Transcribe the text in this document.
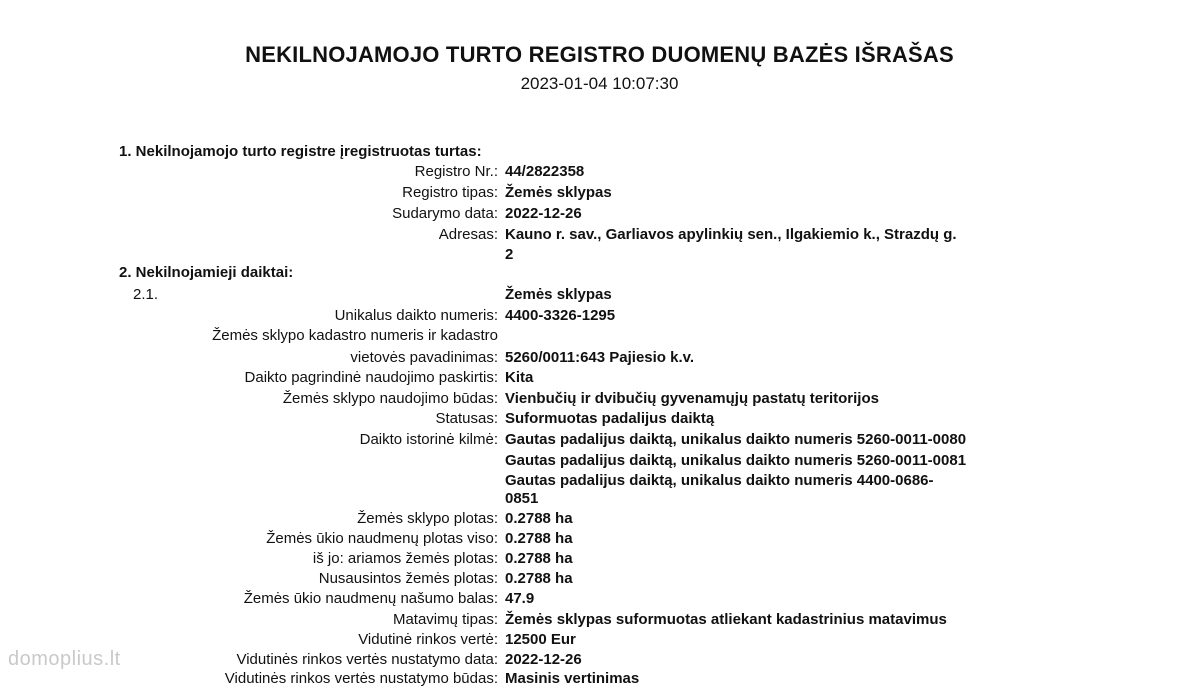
NEKILNOJAMOJO TURTO REGISTRO DUOMENŲ BAZĖS IŠRAŠAS
2023-01-04 10:07:30
1. Nekilnojamojo turto registre įregistruotas turtas:
Registro Nr.: 44/2822358
Registro tipas: Žemės sklypas
Sudarymo data: 2022-12-26
Adresas: Kauno r. sav., Garliavos apylinkių sen., Ilgakiemio k., Strazdų g.
2
2. Nekilnojamieji daiktai:
2.1.	Žemės sklypas
Unikalus daikto numeris: 4400-3326-1295
Žemės sklypo kadastro numeris ir kadastro
vietovės pavadinimas: 5260/0011:643 Pajiesio k.v.
Daikto pagrindinė naudojimo paskirtis: Kita
Žemės sklypo naudojimo būdas: Vienbučių ir dvibučių gyvenamųjų pastatų teritorijos
Statusas: Suformuotas padalijus daiktą
Daikto istorinė kilmė: Gautas padalijus daiktą, unikalus daikto numeris 5260-0011-0080
Gautas padalijus daiktą, unikalus daikto numeris 5260-0011-0081
Gautas padalijus daiktą, unikalus daikto numeris 4400-0686-
0851
Žemės sklypo plotas: 0.2788 ha
Žemės ūkio naudmenų plotas viso: 0.2788 ha
iš jo: ariamos žemės plotas: 0.2788 ha
Nusausintos žemės plotas: 0.2788 ha
Žemės ūkio naudmenų našumo balas: 47.9
Matavimų tipas: Žemės sklypas suformuotas atliekant kadastrinius matavimus
Vidutinė rinkos vertė: 12500 Eur
Vidutinės rinkos vertės nustatymo data: 2022-12-26
Vidutinės rinkos vertės nustatymo būdas: Masinis vertinimas
domoplius.lt
